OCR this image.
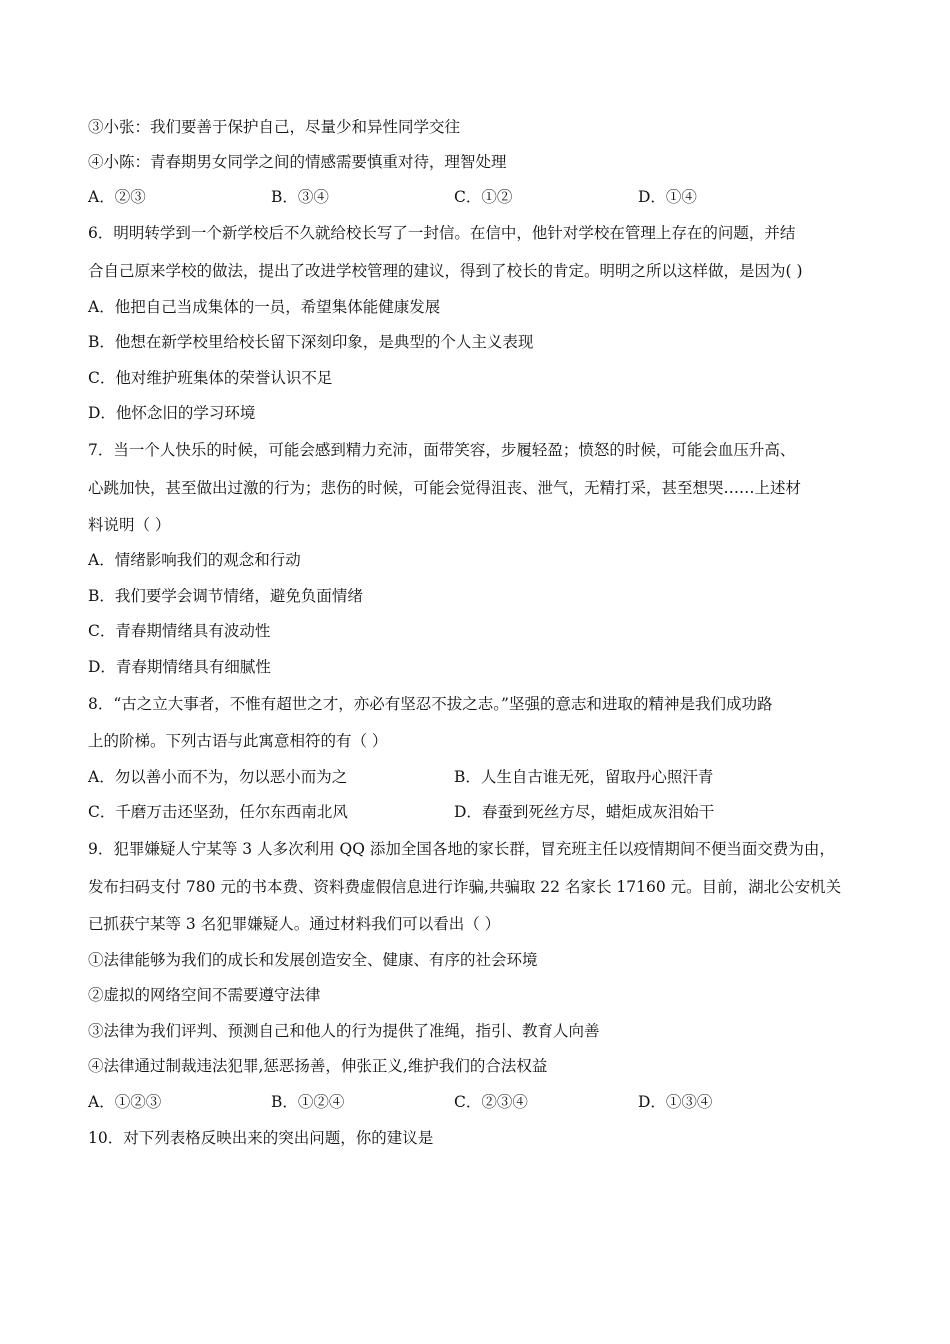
③小张：我们要善于保护自己，尽量少和异性同学交往
④小陈：青春期男女同学之间的情感需要慎重对待，理智处理
A．②③	B．③④	C．①②	D．①④
6．明明转学到一个新学校后不久就给校长写了一封信。在信中，他针对学校在管理上存在的问题，并结
合自己原来学校的做法，提出了改进学校管理的建议，得到了校长的肯定。明明之所以这样做，是因为( )
A．他把自己当成集体的一员，希望集体能健康发展
B．他想在新学校里给校长留下深刻印象，是典型的个人主义表现
C．他对维护班集体的荣誉认识不足
D．他怀念旧的学习环境
7．当一个人快乐的时候，可能会感到精力充沛，面带笑容，步履轻盈；愤怒的时候，可能会血压升高、
心跳加快，甚至做出过激的行为；悲伤的时候，可能会觉得沮丧、泄气，无精打采，甚至想哭……上述材
料说明（ ）
A．情绪影响我们的观念和行动
B．我们要学会调节情绪，避免负面情绪
C．青春期情绪具有波动性
D．青春期情绪具有细腻性
8．“古之立大事者，不惟有超世之才，亦必有坚忍不拔之志。”坚强的意志和进取的精神是我们成功路
上的阶梯。下列古语与此寓意相符的有（ ）
A．勿以善小而不为，勿以恶小而为之	B．人生自古谁无死，留取丹心照汗青
C．千磨万击还坚劲，任尔东西南北风	D．春蚕到死丝方尽，蜡炬成灰泪始干
9．犯罪嫌疑人宁某等 3 人多次利用 QQ 添加全国各地的家长群，冒充班主任以疫情期间不便当面交费为由，
发布扫码支付 780 元的书本费、资料费虚假信息进行诈骗,共骗取 22 名家长 17160 元。目前，湖北公安机关
已抓获宁某等 3 名犯罪嫌疑人。通过材料我们可以看出（ ）
①法律能够为我们的成长和发展创造安全、健康、有序的社会环境
②虚拟的网络空间不需要遵守法律
③法律为我们评判、预测自己和他人的行为提供了准绳，指引、教育人向善
④法律通过制裁违法犯罪,惩恶扬善，伸张正义,维护我们的合法权益
A．①②③	B．①②④	C．②③④	D．①③④
10．对下列表格反映出来的突出问题，你的建议是
